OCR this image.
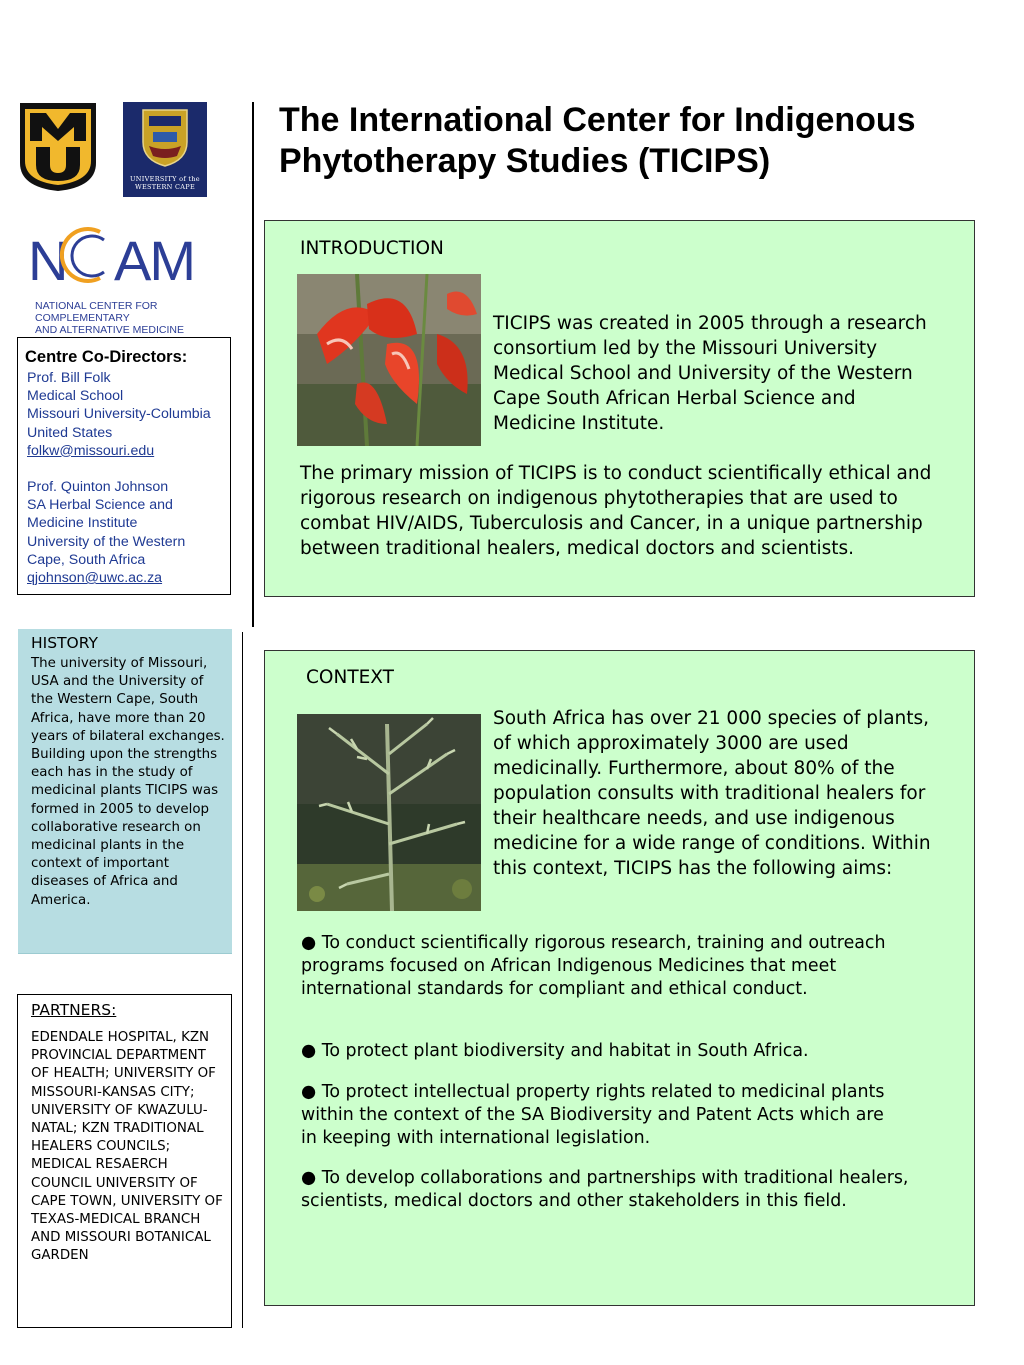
UNIVERSITY of the
WESTERN CAPE
N AM
NATIONAL CENTER FOR COMPLEMENTARY
AND ALTERNATIVE MEDICINE
The International Center for Indigenous Phytotherapy Studies (TICIPS)
Centre Co-Directors:
Prof. Bill Folk
Medical School
Missouri University-Columbia
United States
folkw@missouri.edu
Prof. Quinton Johnson
SA Herbal Science and
Medicine Institute
University of the Western
Cape, South Africa
qjohnson@uwc.ac.za
HISTORY

The university of Missouri, USA and the University of the Western Cape, South Africa, have more than 20 years of bilateral exchanges. Building upon the strengths each has in the study of medicinal plants TICIPS was formed in 2005 to develop collaborative research on medicinal plants in the context of important diseases of Africa and America.

PARTNERS:

EDENDALE HOSPITAL, KZN PROVINCIAL DEPARTMENT OF HEALTH; UNIVERSITY OF MISSOURI-KANSAS CITY; UNIVERSITY OF KWAZULU-NATAL; KZN TRADITIONAL HEALERS COUNCILS; MEDICAL RESAERCH COUNCIL UNIVERSITY OF CAPE TOWN, UNIVERSITY OF TEXAS-MEDICAL BRANCH AND MISSOURI BOTANICAL GARDEN

INTRODUCTION

TICIPS was created in 2005 through a research consortium led by the Missouri University Medical School and University of the Western Cape South African Herbal Science and Medicine Institute.

The primary mission of TICIPS is to conduct scientifically ethical and rigorous research on indigenous phytotherapies that are used to combat HIV/AIDS, Tuberculosis and Cancer, in a unique partnership between traditional healers, medical doctors and scientists.

CONTEXT

South Africa has over 21 000 species of plants, of which approximately 3000 are used medicinally. Furthermore, about 80% of the population consults with traditional healers for their healthcare needs, and use indigenous medicine for a wide range of conditions. Within this context, TICIPS has the following aims:

● To conduct scientifically rigorous research, training and outreach programs focused on African Indigenous Medicines that meet international standards for compliant and ethical conduct.

● To protect plant biodiversity and habitat in South Africa.

● To protect intellectual property rights related to medicinal plants within the context of the SA Biodiversity and Patent Acts which are in keeping with international legislation.

● To develop collaborations and partnerships with traditional healers, scientists, medical doctors and other stakeholders in this field.
